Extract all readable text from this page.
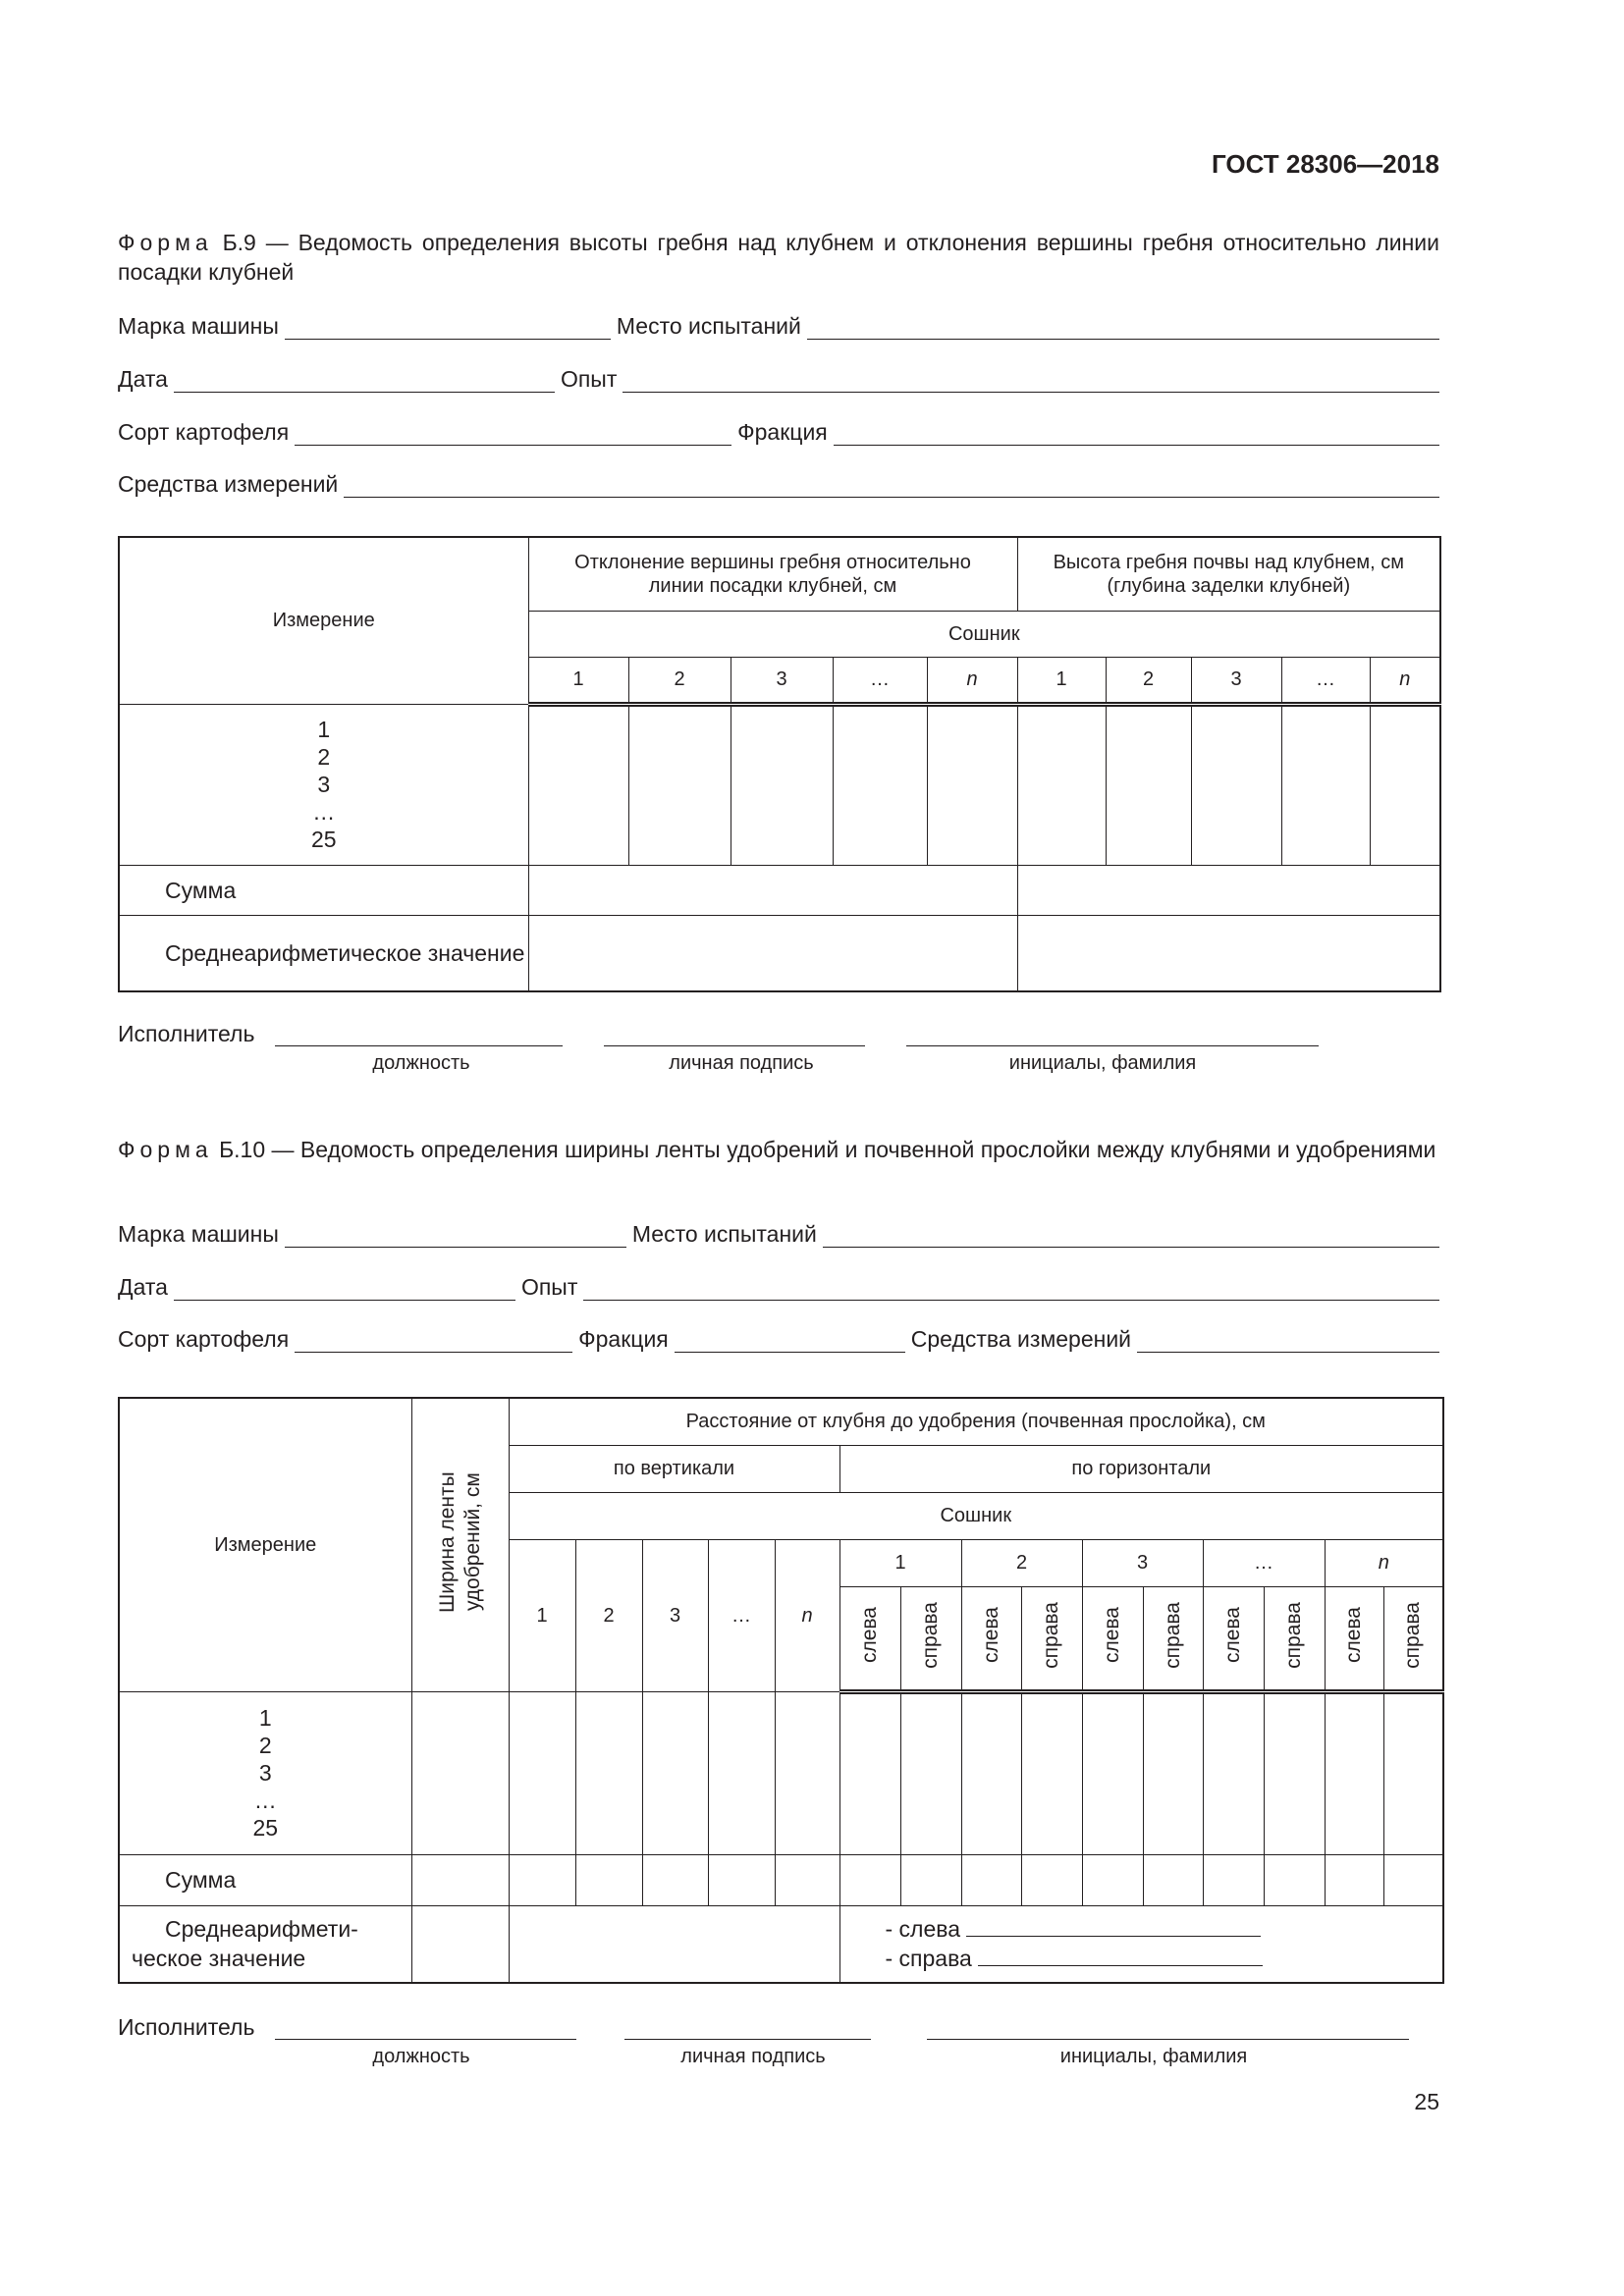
ГОСТ 28306—2018
Форма Б.9 — Ведомость определения высоты гребня над клубнем и отклонения вершины гребня относительно линии посадки клубней
Марка машины	Место испытаний
Дата	Опыт
Сорт картофеля	Фракция
Средства измерений
Измерение	Отклонение вершины гребня относительно линии посадки клубней, см					Высота гребня почвы над клубнем, см (глубина заделки клубней)				
	Сошник									
	1	2	3	…	n	1	2	3	…	n

1
2
3
…
25										

Сумма										
Среднеарифметическое значение										
Исполнитель
должность	личная подпись	инициалы, фамилия
Форма Б.10 — Ведомость определения ширины ленты удобрений и почвенной прослойки между клубнями и удобрениями
Марка машины	Место испытаний
Дата	Опыт
Сорт картофеля	Фракция	Средства измерений
Измерение	Ширина ленты удобрений, см	Расстояние от клубня до удобрения (почвенная прослойка), см														
		по вертикали					по горизонтали									
		Сошник														
		1	2	3	…	n	1		2		3		…		n	
							слева	справа	слева	справа	слева	справа	слева	справа	слева	справа

1
2
3
…
25																

Сумма																
Среднеарифмети-ческое значение							- слева
- справа									
Исполнитель
должность	личная подпись	инициалы, фамилия
25
